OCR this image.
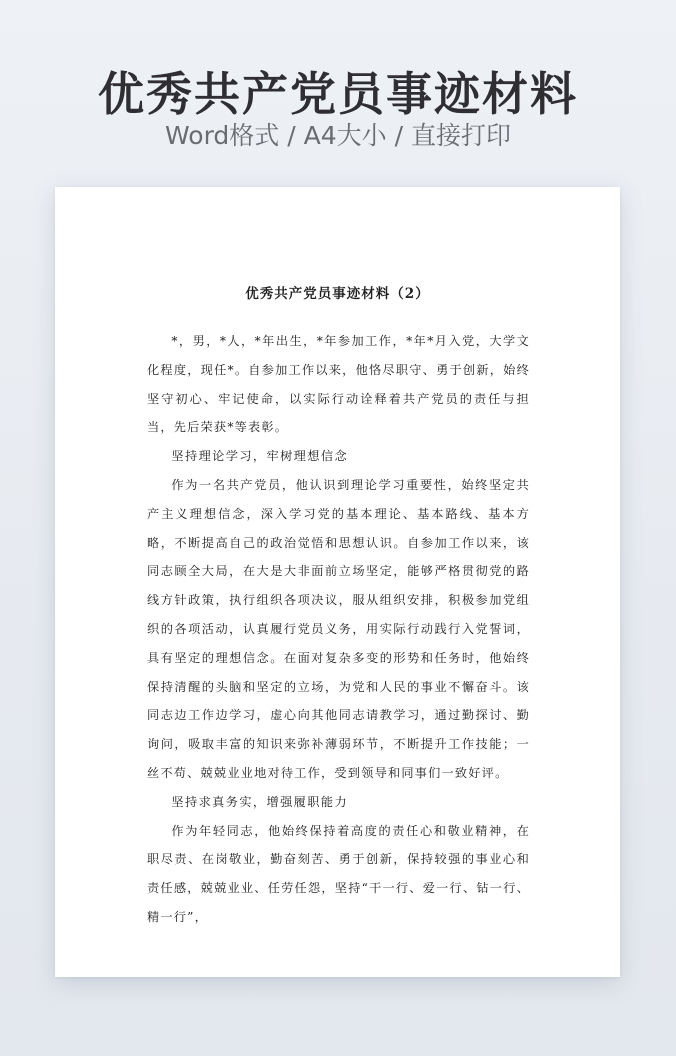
优秀共产党员事迹材料
Word格式 / A4大小 / 直接打印
优秀共产党员事迹材料（2）

*，男，*人，*年出生，*年参加工作，*年*月入党，大学文化程度，现任*。自参加工作以来，他恪尽职守、勇于创新，始终坚守初心、牢记使命，以实际行动诠释着共产党员的责任与担当，先后荣获*等表彰。

坚持理论学习，牢树理想信念

作为一名共产党员，他认识到理论学习重要性，始终坚定共产主义理想信念，深入学习党的基本理论、基本路线、基本方略，不断提高自己的政治觉悟和思想认识。自参加工作以来，该同志顾全大局，在大是大非面前立场坚定，能够严格贯彻党的路线方针政策，执行组织各项决议，服从组织安排，积极参加党组织的各项活动，认真履行党员义务，用实际行动践行入党誓词，具有坚定的理想信念。在面对复杂多变的形势和任务时，他始终保持清醒的头脑和坚定的立场，为党和人民的事业不懈奋斗。该同志边工作边学习，虚心向其他同志请教学习，通过勤探讨、勤询问，吸取丰富的知识来弥补薄弱环节，不断提升工作技能；一丝不苟、兢兢业业地对待工作，受到领导和同事们一致好评。

坚持求真务实，增强履职能力

作为年轻同志，他始终保持着高度的责任心和敬业精神，在职尽责、在岗敬业，勤奋刻苦、勇于创新，保持较强的事业心和责任感，兢兢业业、任劳任怨，坚持“干一行、爱一行、钻一行、精一行”，
